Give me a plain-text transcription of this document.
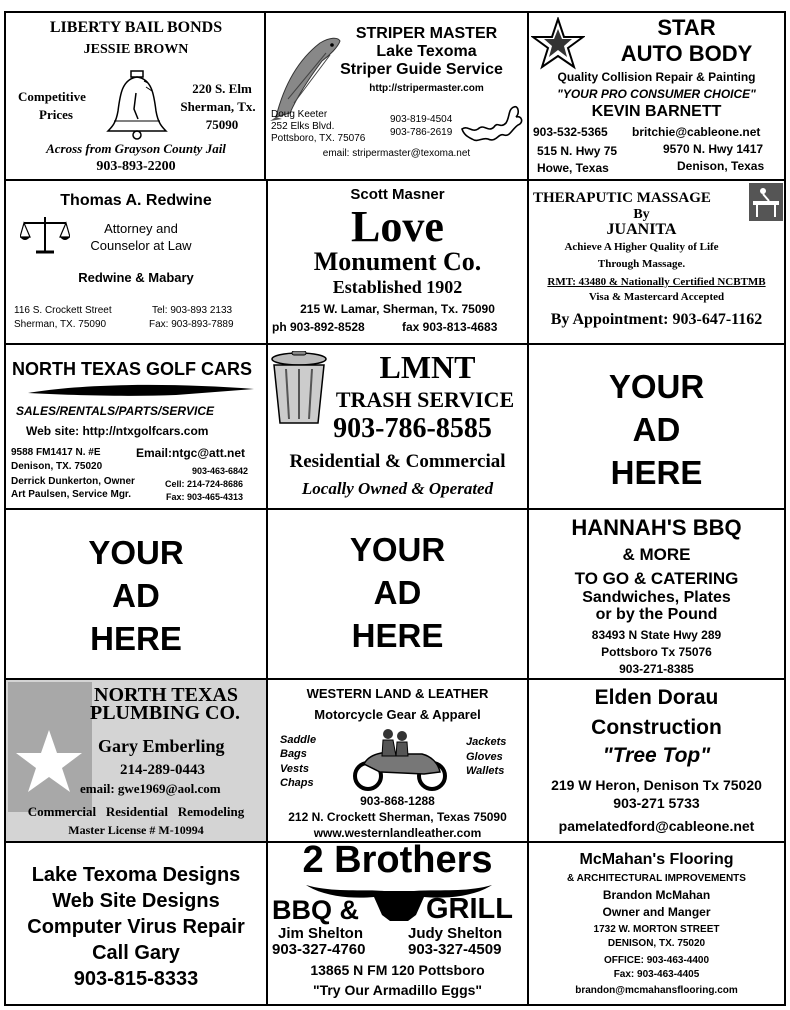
LIBERTY BAIL BONDS
JESSIE BROWN
Competitive
Prices
220 S. Elm
Sherman, Tx.
75090
Across from Grayson County Jail
903-893-2200
STRIPER MASTER
Lake Texoma
Striper Guide Service
http://stripermaster.com
Doug Keeter
252 Elks Blvd.
Pottsboro, TX. 75076
903-819-4504
903-786-2619
email: stripermaster@texoma.net
STAR
AUTO BODY
Quality Collision Repair & Painting
"YOUR PRO CONSUMER CHOICE"
KEVIN BARNETT
903-532-5365 britchie@cableone.net
515 N. Hwy 75
Howe, Texas
9570 N. Hwy 1417
Denison, Texas
Thomas A. Redwine
Attorney and
Counselor at Law
Redwine & Mabary
116 S. Crockett Street
Sherman, TX. 75090
Tel: 903-893 2133
Fax: 903-893-7889
Scott Masner
Love
Monument Co.
Established 1902
215 W. Lamar, Sherman, Tx. 75090
ph 903-892-8528	fax 903-813-4683
THERAPUTIC MASSAGE
By
JUANITA
Achieve A Higher Quality of Life
Through Massage.
RMT: 43480 & Nationally Certified NCBTMB
Visa & Mastercard Accepted
By Appointment: 903-647-1162
NORTH TEXAS GOLF CARS
SALES/RENTALS/PARTS/SERVICE
Web site: http://ntxgolfcars.com
9588 FM1417 N. #E
Denison, TX. 75020
Email:ntgc@att.net
903-463-6842
Derrick Dunkerton, Owner
Art Paulsen, Service Mgr.
Cell: 214-724-8686
Fax: 903-465-4313
LMNT
TRASH SERVICE
903-786-8585
Residential & Commercial
Locally Owned & Operated
YOUR
AD
HERE
YOUR
AD
HERE
YOUR
AD
HERE
HANNAH'S BBQ
& MORE
TO GO & CATERING
Sandwiches, Plates
or by the Pound
83493 N State Hwy 289
Pottsboro Tx 75076
903-271-8385
NORTH TEXAS
PLUMBING CO.
Gary Emberling
214-289-0443
email: gwe1969@aol.com
Commercial   Residential   Remodeling
Master License # M-10994
WESTERN LAND & LEATHER
Motorcycle Gear & Apparel
Saddle
Bags
Vests
Chaps
Jackets
Gloves
Wallets
903-868-1288
212 N. Crockett Sherman, Texas 75090
www.westernlandleather.com
Elden Dorau
Construction
"Tree Top"
219 W Heron, Denison Tx 75020
903-271 5733
pamelatedford@cableone.net
Lake Texoma Designs
Web Site Designs
Computer Virus Repair
Call Gary
903-815-8333
2 Brothers
BBQ & GRILL
Jim Shelton
903-327-4760
Judy Shelton
903-327-4509
13865 N FM 120 Pottsboro
"Try Our Armadillo Eggs"
McMahan's Flooring
& ARCHITECTURAL IMPROVEMENTS
Brandon McMahan
Owner and Manger
1732 W. MORTON STREET
DENISON, TX. 75020
OFFICE: 903-463-4400
Fax: 903-463-4405
brandon@mcmahansflooring.com
